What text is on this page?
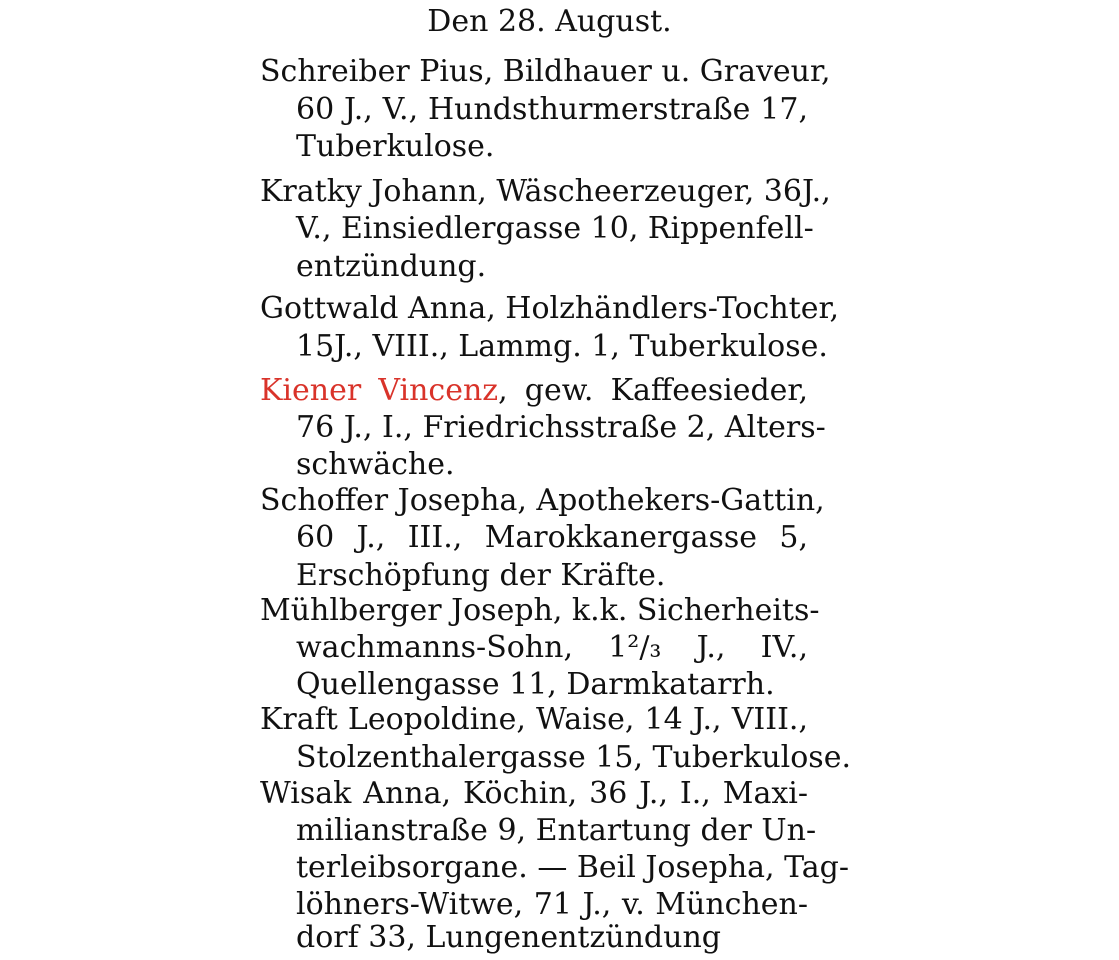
Den 28. August.
Schreiber Pius, Bildhauer u. Graveur,
60 J., V., Hundsthurmerstraße 17,
Tuberkulose.
Kratky Johann, Wäscheerzeuger, 36J.,
V., Einsiedlergasse 10, Rippenfell-
entzündung.
Gottwald Anna, Holzhändlers-Tochter,
15J., VIII., Lammg. 1, Tuberkulose.
Kiener Vincenz, gew. Kaffeesieder,
76 J., I., Friedrichsstraße 2, Alters-
schwäche.
Schoffer Josepha, Apothekers-Gattin,
60 J., III., Marokkanergasse 5,
Erschöpfung der Kräfte.
Mühlberger Joseph, k.k. Sicherheits-
wachmanns-Sohn, 1²/₃ J., IV.,
Quellengasse 11, Darmkatarrh.
Kraft Leopoldine, Waise, 14 J., VIII.,
Stolzenthalergasse 15, Tuberkulose.
Wisak Anna, Köchin, 36 J., I., Maxi-
milianstraße 9, Entartung der Un-
terleibsorgane. — Beil Josepha, Tag-
löhners-Witwe, 71 J., v. München-
dorf 33, Lungenentzündung
